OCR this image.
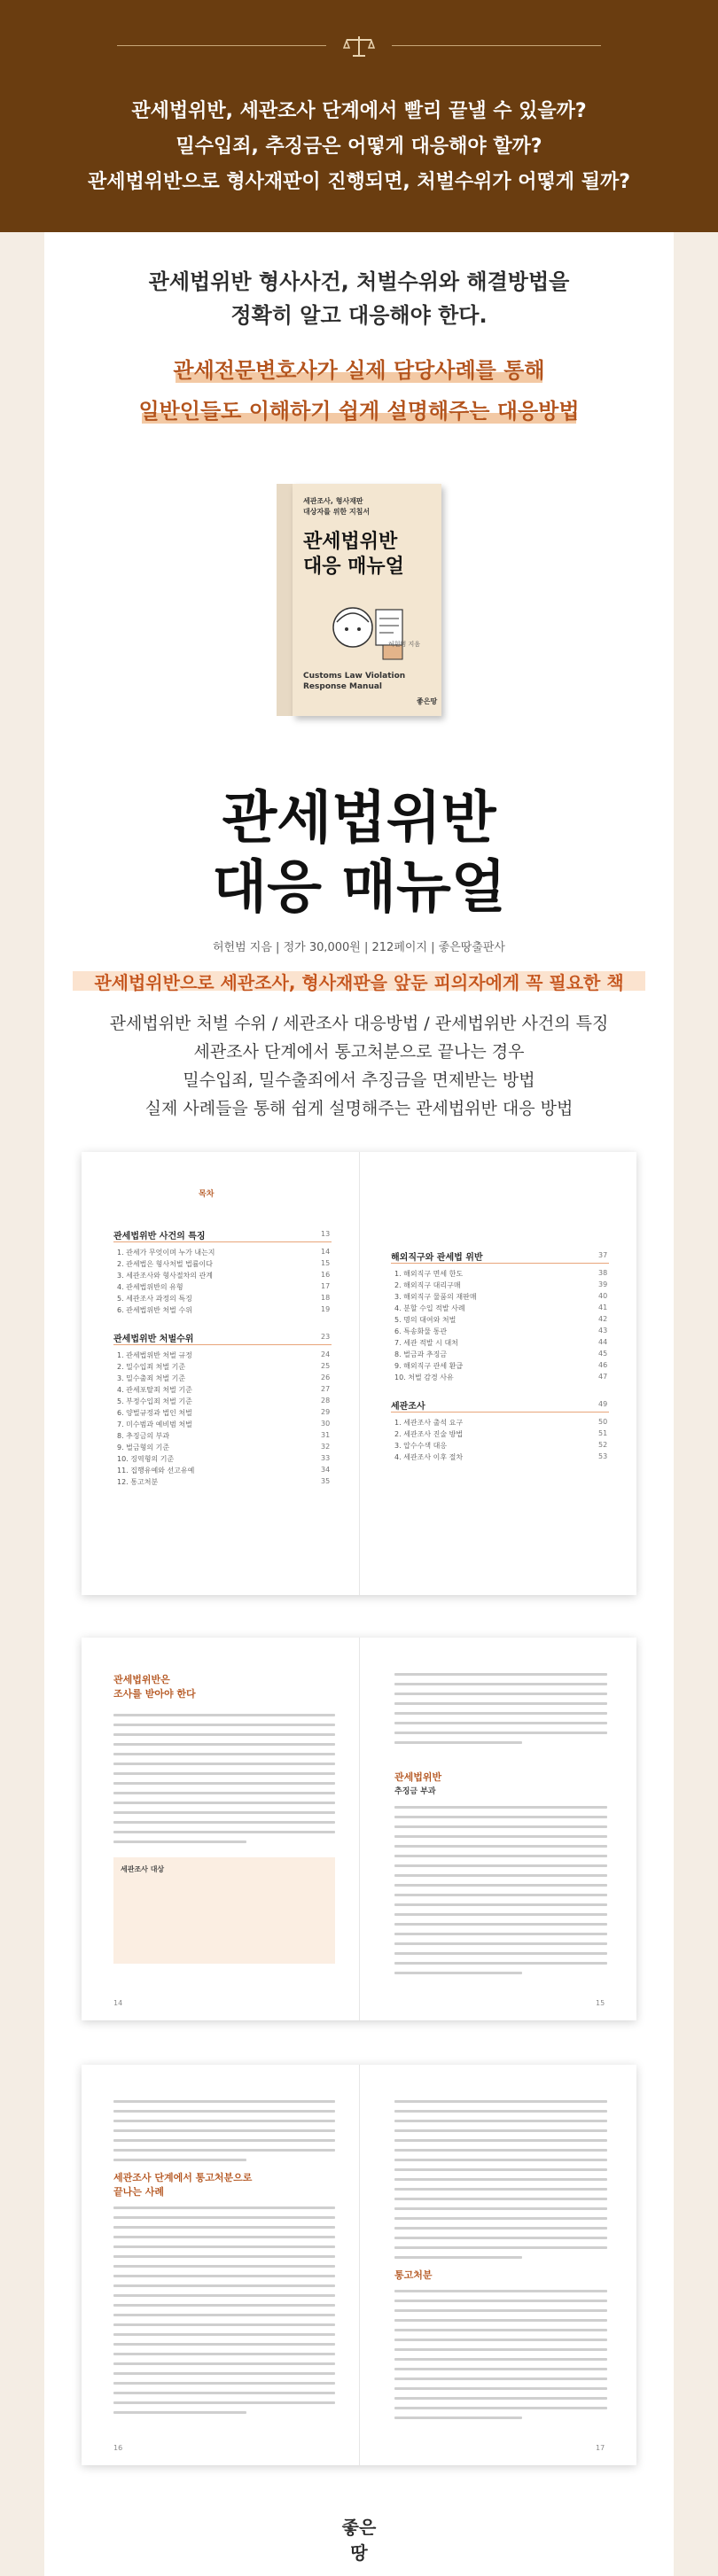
관세법위반, 세관조사 단계에서 빨리 끝낼 수 있을까?
밀수입죄, 추징금은 어떻게 대응해야 할까?
관세법위반으로 형사재판이 진행되면, 처벌수위가 어떻게 될까?
관세법위반 형사사건, 처벌수위와 해결방법을
정확히 알고 대응해야 한다.
관세전문변호사가 실제 담당사례를 통해
일반인들도 이해하기 쉽게 설명해주는 대응방법
세관조사, 형사재판
대상자를 위한 지침서
관세법위반
대응 매뉴얼
Customs Law Violation
Response Manual
허헌범 지음
좋은땅
관세법위반
대응 매뉴얼
허헌범 지음 | 정가 30,000원 | 212페이지 | 좋은땅출판사
관세법위반으로 세관조사, 형사재판을 앞둔 피의자에게 꼭 필요한 책
관세법위반 처벌 수위 / 세관조사 대응방법 / 관세법위반 사건의 특징
세관조사 단계에서 통고처분으로 끝나는 경우
밀수입죄, 밀수출죄에서 추징금을 면제받는 방법
실제 사례들을 통해 쉽게 설명해주는 관세법위반 대응 방법
목차
관세법위반 사건의 특징	13
1. 관세가 무엇이며 누가 내는지	14
2. 관세법은 형사처벌 법률이다	15
3. 세관조사와 형사절차의 관계	16
4. 관세법위반의 유형	17
5. 세관조사 과정의 특징	18
6. 관세법위반 처벌 수위	19
관세법위반 처벌수위	23
1. 관세법위반 처벌 규정	24
2. 밀수입죄 처벌 기준	25
3. 밀수출죄 처벌 기준	26
4. 관세포탈죄 처벌 기준	27
5. 부정수입죄 처벌 기준	28
6. 양벌규정과 법인 처벌	29
7. 미수범과 예비범 처벌	30
8. 추징금의 부과	31
9. 벌금형의 기준	32
10. 징역형의 기준	33
11. 집행유예와 선고유예	34
12. 통고처분	35
해외직구와 관세법 위반	37
1. 해외직구 면세 한도	38
2. 해외직구 대리구매	39
3. 해외직구 물품의 재판매	40
4. 분할 수입 적발 사례	41
5. 명의 대여와 처벌	42
6. 특송화물 통관	43
7. 세관 적발 시 대처	44
8. 벌금과 추징금	45
9. 해외직구 관세 환급	46
10. 처벌 감경 사유	47
세관조사	49
1. 세관조사 출석 요구	50
2. 세관조사 진술 방법	51
3. 압수수색 대응	52
4. 세관조사 이후 절차	53
관세법위반은
조사를 받아야 한다
관세법위반
추징금 부과
세관조사 대상
14	15
세관조사 단계에서 통고처분으로
끝나는 사례
통고처분
16	17
좋은땅
